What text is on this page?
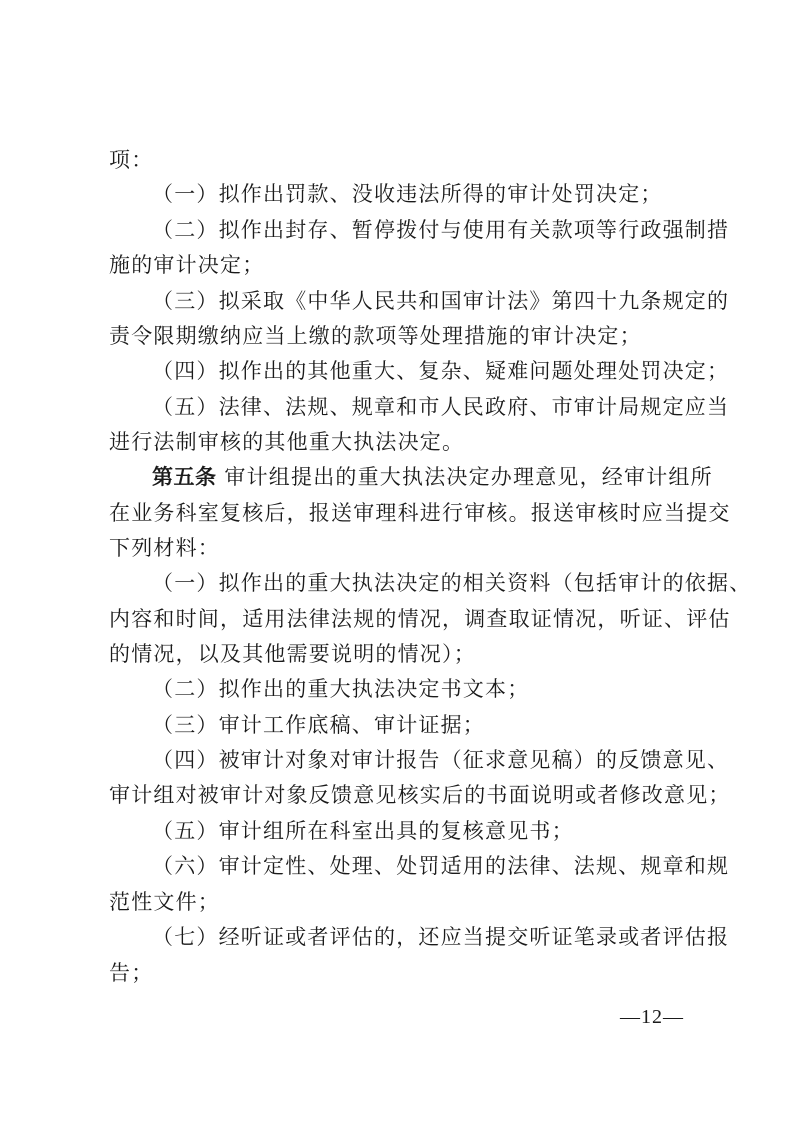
项：
（一）拟作出罚款、没收违法所得的审计处罚决定；
（二）拟作出封存、暂停拨付与使用有关款项等行政强制措
施的审计决定；
（三）拟采取《中华人民共和国审计法》第四十九条规定的
责令限期缴纳应当上缴的款项等处理措施的审计决定；
（四）拟作出的其他重大、复杂、疑难问题处理处罚决定；
（五）法律、法规、规章和市人民政府、市审计局规定应当
进行法制审核的其他重大执法决定。
第五条 审计组提出的重大执法决定办理意见，经审计组所
在业务科室复核后，报送审理科进行审核。报送审核时应当提交
下列材料：
（一）拟作出的重大执法决定的相关资料（包括审计的依据、
内容和时间，适用法律法规的情况，调查取证情况，听证、评估
的情况，以及其他需要说明的情况）；
（二）拟作出的重大执法决定书文本；
（三）审计工作底稿、审计证据；
（四）被审计对象对审计报告（征求意见稿）的反馈意见、
审计组对被审计对象反馈意见核实后的书面说明或者修改意见；
（五）审计组所在科室出具的复核意见书；
（六）审计定性、处理、处罚适用的法律、法规、规章和规
范性文件；
（七）经听证或者评估的，还应当提交听证笔录或者评估报
告；
—12—
